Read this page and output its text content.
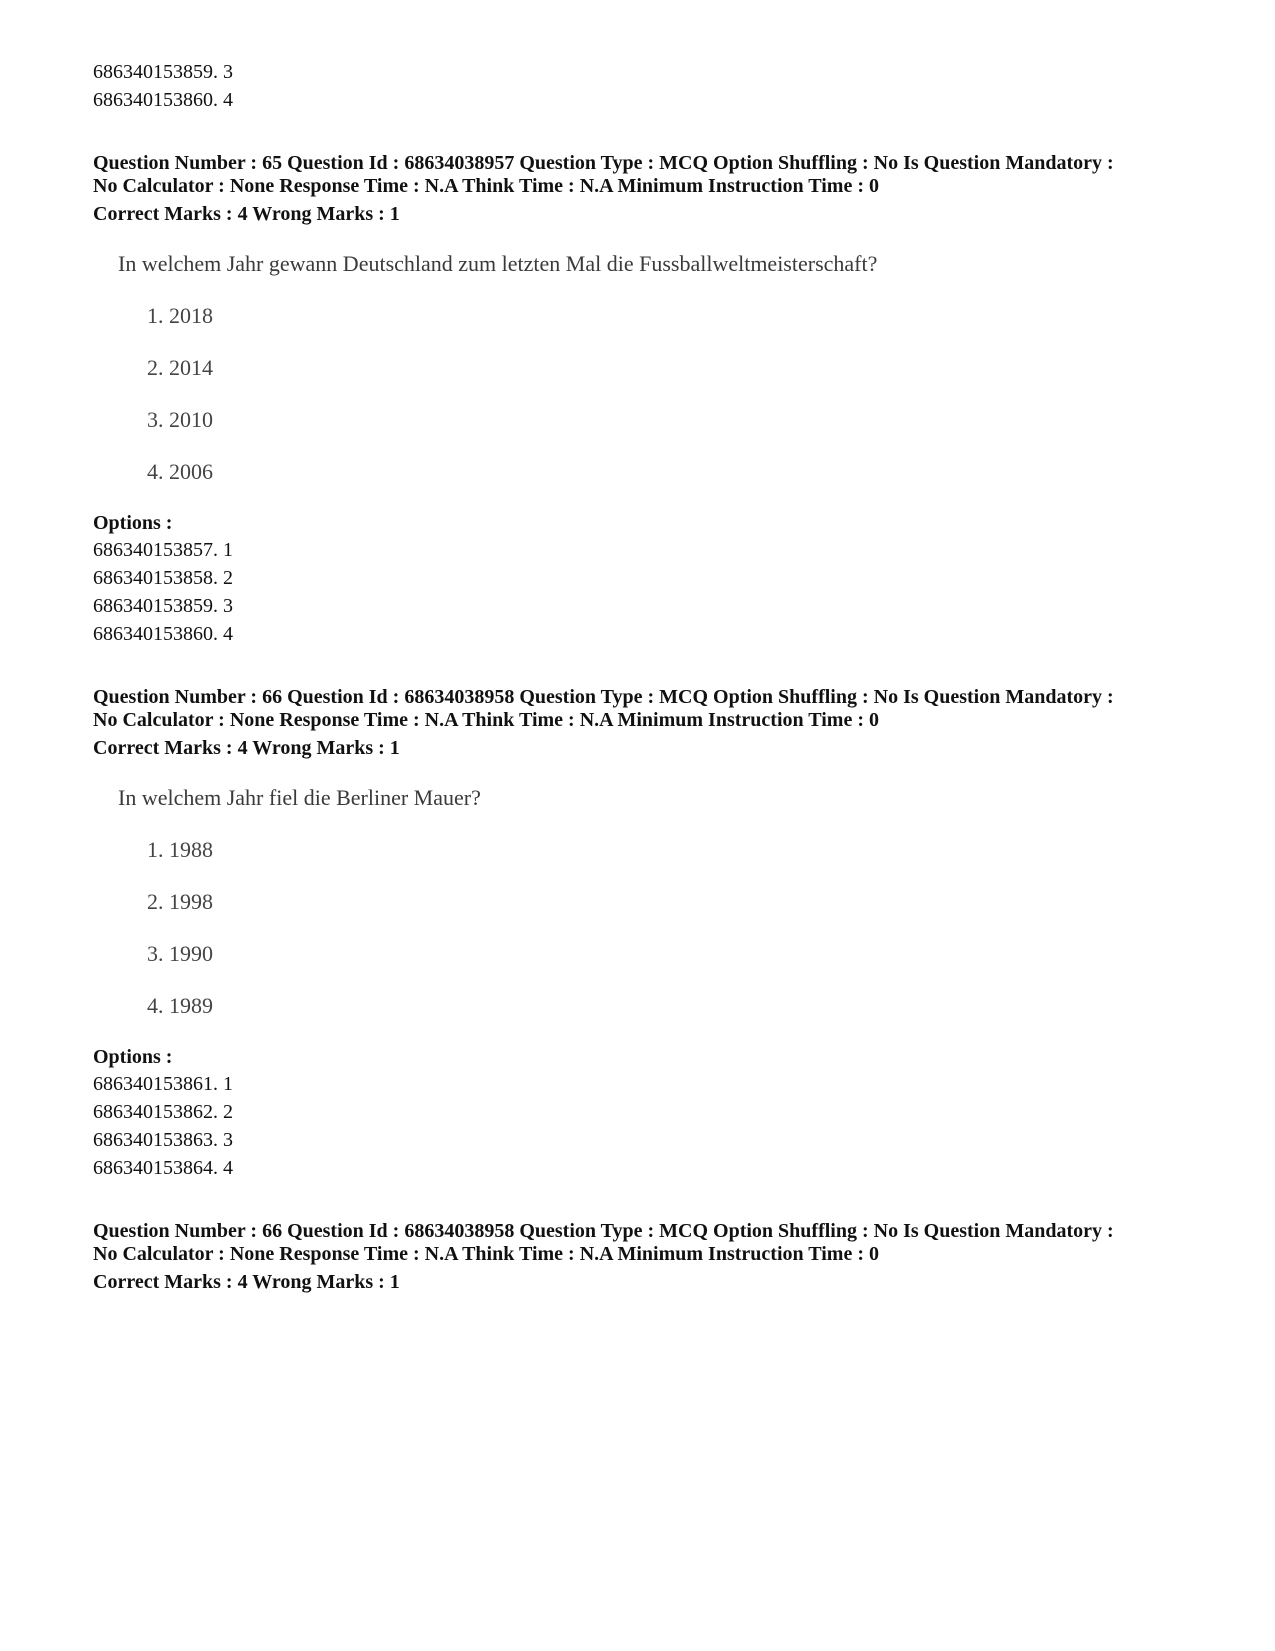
686340153859. 3
686340153860. 4
Question Number : 65 Question Id : 68634038957 Question Type : MCQ Option Shuffling : No Is Question Mandatory :
No Calculator : None Response Time : N.A Think Time : N.A Minimum Instruction Time : 0
Correct Marks : 4 Wrong Marks : 1
In welchem Jahr gewann Deutschland zum letzten Mal die Fussballweltmeisterschaft?
1. 2018
2. 2014
3. 2010
4. 2006
Options :
686340153857. 1
686340153858. 2
686340153859. 3
686340153860. 4
Question Number : 66 Question Id : 68634038958 Question Type : MCQ Option Shuffling : No Is Question Mandatory :
No Calculator : None Response Time : N.A Think Time : N.A Minimum Instruction Time : 0
Correct Marks : 4 Wrong Marks : 1
In welchem Jahr fiel die Berliner Mauer?
1. 1988
2. 1998
3. 1990
4. 1989
Options :
686340153861. 1
686340153862. 2
686340153863. 3
686340153864. 4
Question Number : 66 Question Id : 68634038958 Question Type : MCQ Option Shuffling : No Is Question Mandatory :
No Calculator : None Response Time : N.A Think Time : N.A Minimum Instruction Time : 0
Correct Marks : 4 Wrong Marks : 1
